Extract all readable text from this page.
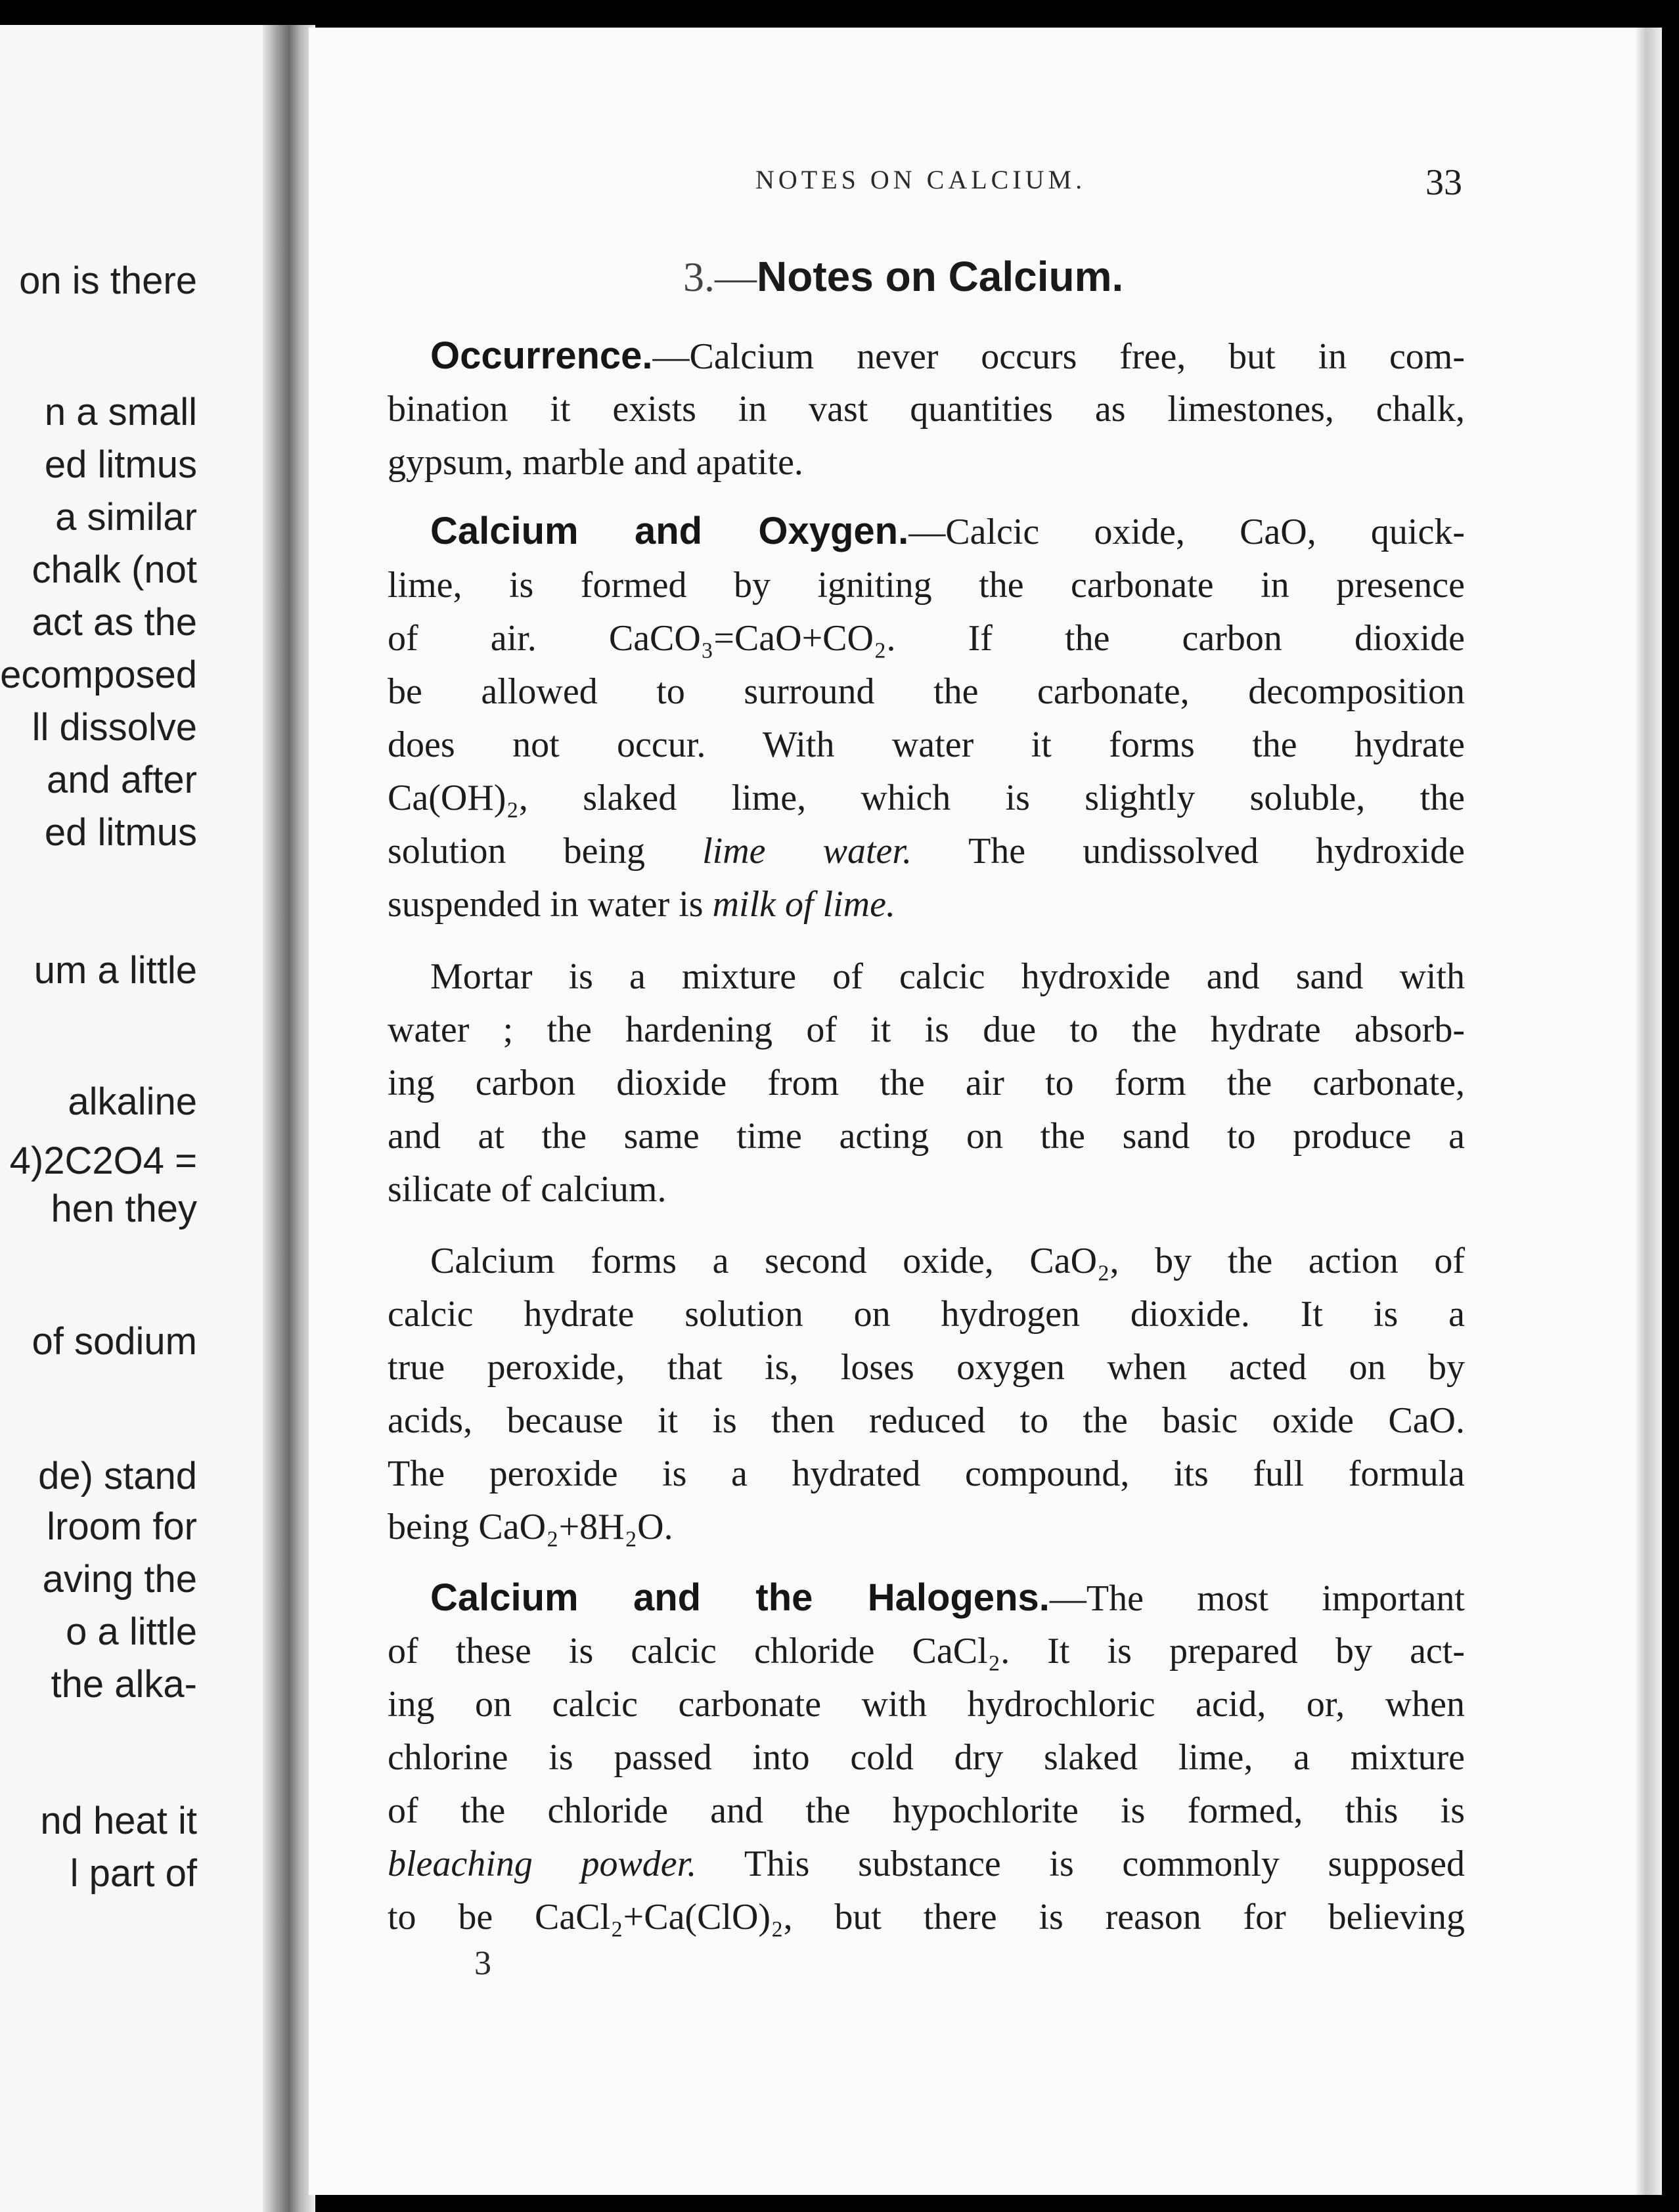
on is there
n a small
ed litmus
a similar
chalk (not
act as the
ecomposed
ll dissolve
and after
ed litmus
um a little
alkaline
4)2C2O4 =
hen they
of sodium
de) stand
lroom for
aving the
o a little
the alka-
nd heat it
l part of
NOTES ON CALCIUM.	33
3.—Notes on Calcium.
Occurrence.—Calcium never occurs free, but in com-
bination it exists in vast quantities as limestones, chalk,
gypsum, marble and apatite.
Calcium and Oxygen.—Calcic oxide, CaO, quick-
lime, is formed by igniting the carbonate in presence
of air. CaCO₃=CaO+CO₂. If the carbon dioxide
be allowed to surround the carbonate, decomposition
does not occur. With water it forms the hydrate
Ca(OH)₂, slaked lime, which is slightly soluble, the
solution being lime water. The undissolved hydroxide
suspended in water is milk of lime.
Mortar is a mixture of calcic hydroxide and sand with
water ; the hardening of it is due to the hydrate absorb-
ing carbon dioxide from the air to form the carbonate,
and at the same time acting on the sand to produce a
silicate of calcium.
Calcium forms a second oxide, CaO₂, by the action of
calcic hydrate solution on hydrogen dioxide. It is a
true peroxide, that is, loses oxygen when acted on by
acids, because it is then reduced to the basic oxide CaO.
The peroxide is a hydrated compound, its full formula
being CaO₂+8H₂O.
Calcium and the Halogens.—The most important
of these is calcic chloride CaCl₂. It is prepared by act-
ing on calcic carbonate with hydrochloric acid, or, when
chlorine is passed into cold dry slaked lime, a mixture
of the chloride and the hypochlorite is formed, this is
bleaching powder. This substance is commonly supposed
to be CaCl₂+Ca(ClO)₂, but there is reason for believing
3
